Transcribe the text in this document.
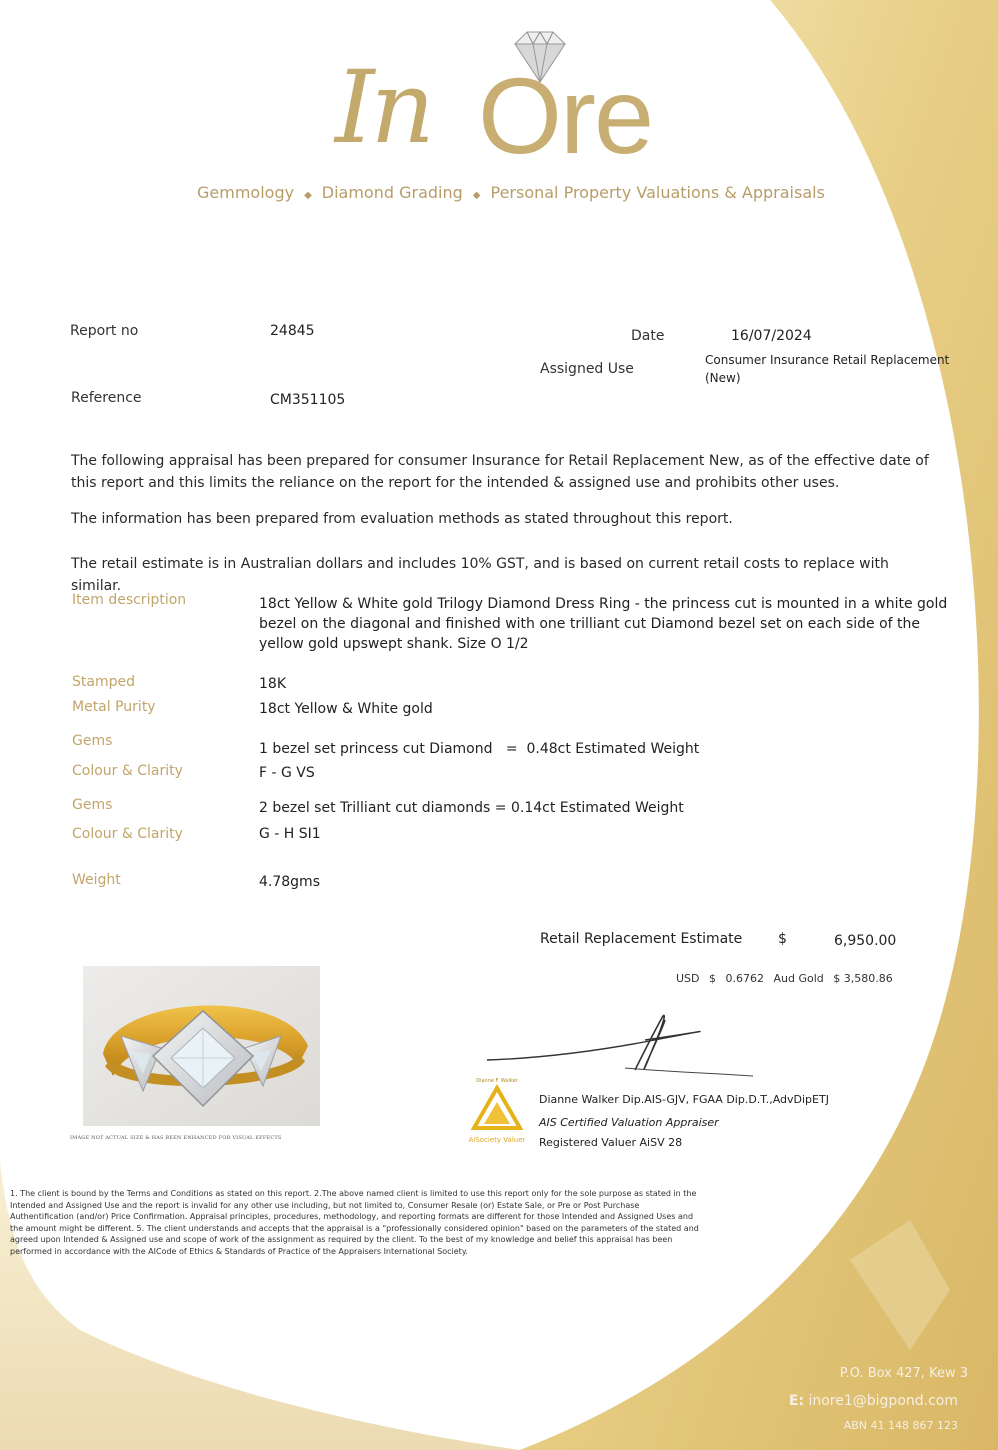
In Ore
Gemmology ◆ Diamond Grading ◆ Personal Property Valuations & Appraisals
Report no	24845	Date	16/07/2024
Assigned Use
Consumer Insurance Retail Replacement
(New)
Reference	CM351105
The following appraisal has been prepared for consumer Insurance for Retail Replacement New, as of the effective date of this report and this limits the reliance on the report for the intended & assigned use and prohibits other uses.
The information has been prepared from evaluation methods as stated throughout this report.
The retail estimate is in Australian dollars and includes 10% GST, and is based on current retail costs to replace with similar.
Item description	18ct Yellow & White gold Trilogy Diamond Dress Ring - the princess cut is mounted in a white gold bezel on the diagonal and finished with one trilliant cut Diamond bezel set on each side of the yellow gold upswept shank. Size O 1/2
Stamped	18K
Metal Purity	18ct Yellow & White gold
Gems	1 bezel set princess cut Diamond   =  0.48ct Estimated Weight
Colour & Clarity	F - G VS
Gems	2 bezel set Trilliant cut diamonds = 0.14ct Estimated Weight
Colour & Clarity	G - H SI1
Weight	4.78gms
Retail Replacement Estimate	$	6,950.00
USD $ 0.6762 Aud Gold $ 3,580.86
IMAGE NOT ACTUAL SIZE & HAS BEEN ENHANCED FOR VISUAL EFFECTS
Dianne F. Walker
AiSociety Valuer
Dianne Walker Dip.AIS-GJV, FGAA Dip.D.T.,AdvDipETJ
AIS Certified Valuation Appraiser
Registered Valuer AiSV 28
1. The client is bound by the Terms and Conditions as stated on this report. 2.The above named client is limited to use this report only for the sole purpose as stated in the Intended and Assigned Use and the report is invalid for any other use including, but not limited to, Consumer Resale (or) Estate Sale, or Pre or Post Purchase Authentification (and/or) Price Confirmation. Appraisal principles, procedures, methodology, and reporting formats are different for those Intended and Assigned Uses and the amount might be different. 5. The client understands and accepts that the appraisal is a "professionally considered opinion" based on the parameters of the stated and agreed upon Intended & Assigned use and scope of work of the assignment as required by the client. To the best of my knowledge and belief this appraisal has been performed in accordance with the AICode of Ethics & Standards of Practice of the Appraisers International Society.
P.O. Box 427, Kew 3
E: inore1@bigpond.com
ABN 41 148 867 123
